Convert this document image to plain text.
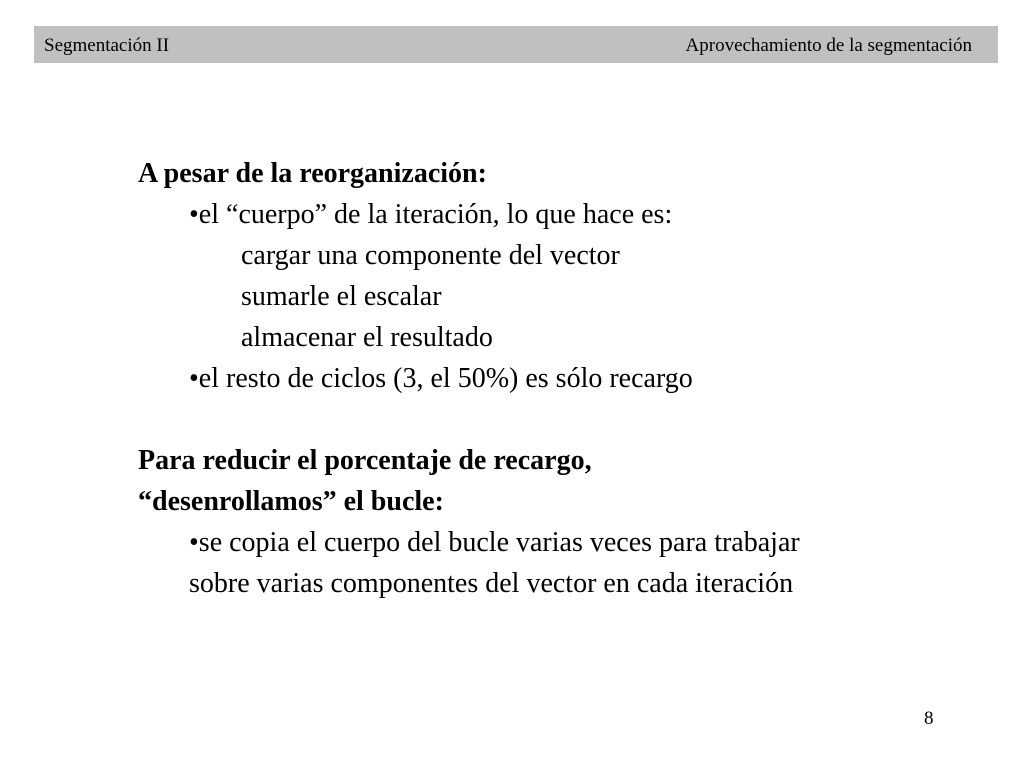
Segmentación II	Aprovechamiento de la segmentación
A pesar de la reorganización:
•el “cuerpo” de la iteración, lo que hace es:
cargar una componente del vector
sumarle el escalar
almacenar el resultado
•el resto de ciclos (3, el 50%) es sólo recargo
Para reducir el porcentaje de recargo,
“desenrollamos” el bucle:
•se copia el cuerpo del bucle varias veces para trabajar
sobre varias componentes del vector en cada iteración
8
